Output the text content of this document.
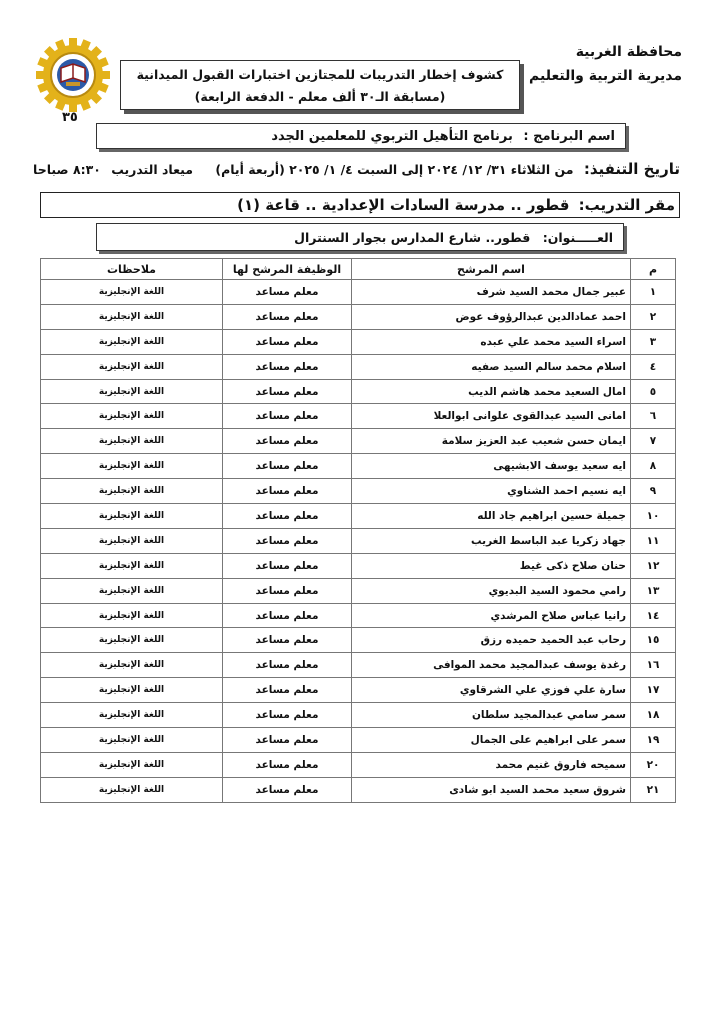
محافظة الغربية
مديرية التربية والتعليم
كشوف إخطار التدريبات للمجتازين اختبارات القبول الميدانية
(مسابقة الـ٣٠ ألف معلم - الدفعة الرابعة)
٣٥
اسم البرنامج : برنامج التأهيل التربوي للمعلمين الجدد
تاريخ التنفيذ: من الثلاثاء ٣١/ ١٢/ ٢٠٢٤ إلى السبت ٤/ ١/ ٢٠٢٥ (أربعة أيام) ميعاد التدريب ٨:٣٠ صباحا
مقر التدريب: قطور .. مدرسة السادات الإعدادية .. قاعة (١)
العـــــنوان: قطور.. شارع المدارس بجوار السنترال
م	اسم المرشح	الوظيفة المرشح لها	ملاحظات
١	عبير جمال محمد السيد شرف	معلم مساعد	اللغة الإنجليزية
٢	احمد عمادالدين عبدالرؤوف عوض	معلم مساعد	اللغة الإنجليزية
٣	اسراء السيد محمد علي عبده	معلم مساعد	اللغة الإنجليزية
٤	اسلام محمد سالم السيد صفيه	معلم مساعد	اللغة الإنجليزية
٥	امال السعيد محمد هاشم الديب	معلم مساعد	اللغة الإنجليزية
٦	امانى السيد عبدالقوى علوانى ابوالعلا	معلم مساعد	اللغة الإنجليزية
٧	ايمان حسن شعيب عبد العزيز سلامة	معلم مساعد	اللغة الإنجليزية
٨	ايه سعيد يوسف الابشيهى	معلم مساعد	اللغة الإنجليزية
٩	ايه نسيم احمد الشناوي	معلم مساعد	اللغة الإنجليزية
١٠	جميلة حسين ابراهيم جاد الله	معلم مساعد	اللغة الإنجليزية
١١	جهاد زكريا عبد الباسط الغريب	معلم مساعد	اللغة الإنجليزية
١٢	حنان صلاح ذكى غيط	معلم مساعد	اللغة الإنجليزية
١٣	رامي محمود السيد البديوي	معلم مساعد	اللغة الإنجليزية
١٤	رانيا عباس صلاح المرشدي	معلم مساعد	اللغة الإنجليزية
١٥	رحاب عبد الحميد حميده رزق	معلم مساعد	اللغة الإنجليزية
١٦	رغدة يوسف عبدالمجيد محمد الموافى	معلم مساعد	اللغة الإنجليزية
١٧	سارة علي فوزي علي الشرقاوي	معلم مساعد	اللغة الإنجليزية
١٨	سمر سامي عبدالمجيد سلطان	معلم مساعد	اللغة الإنجليزية
١٩	سمر على ابراهيم على الجمال	معلم مساعد	اللغة الإنجليزية
٢٠	سميحه فاروق غنيم محمد	معلم مساعد	اللغة الإنجليزية
٢١	شروق سعيد محمد السيد ابو شادى	معلم مساعد	اللغة الإنجليزية
